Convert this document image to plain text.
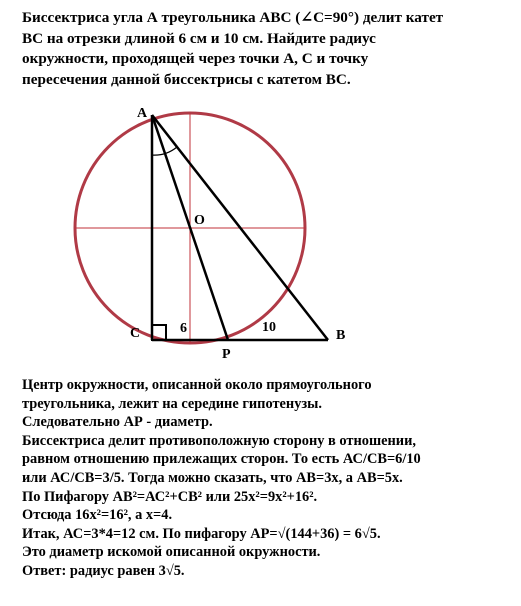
Биссектриса угла А треугольника АВС (∠С=90°) делит катет
ВС на отрезки длиной 6 см и 10 см. Найдите радиус
окружности, проходящей через точки А, С и точку
пересечения данной биссектрисы с катетом ВС.
A
O
C
P
B
6	10
Центр окружности, описанной около прямоугольного
треугольника, лежит на середине гипотенузы.
Следовательно АР - диаметр.
Биссектриса делит противоположную сторону в отношении,
равном отношению прилежащих сторон. То есть АС/СВ=6/10
или АС/СВ=3/5. Тогда можно сказать, что АВ=3х, а АВ=5х.
По Пифагору АВ²=АС²+СВ² или 25х²=9х²+16².
Отсюда 16х²=16², а х=4.
Итак, АС=3*4=12 см. По пифагору АР=√(144+36) = 6√5.
Это диаметр искомой описанной окружности.
Ответ: радиус равен 3√5.
